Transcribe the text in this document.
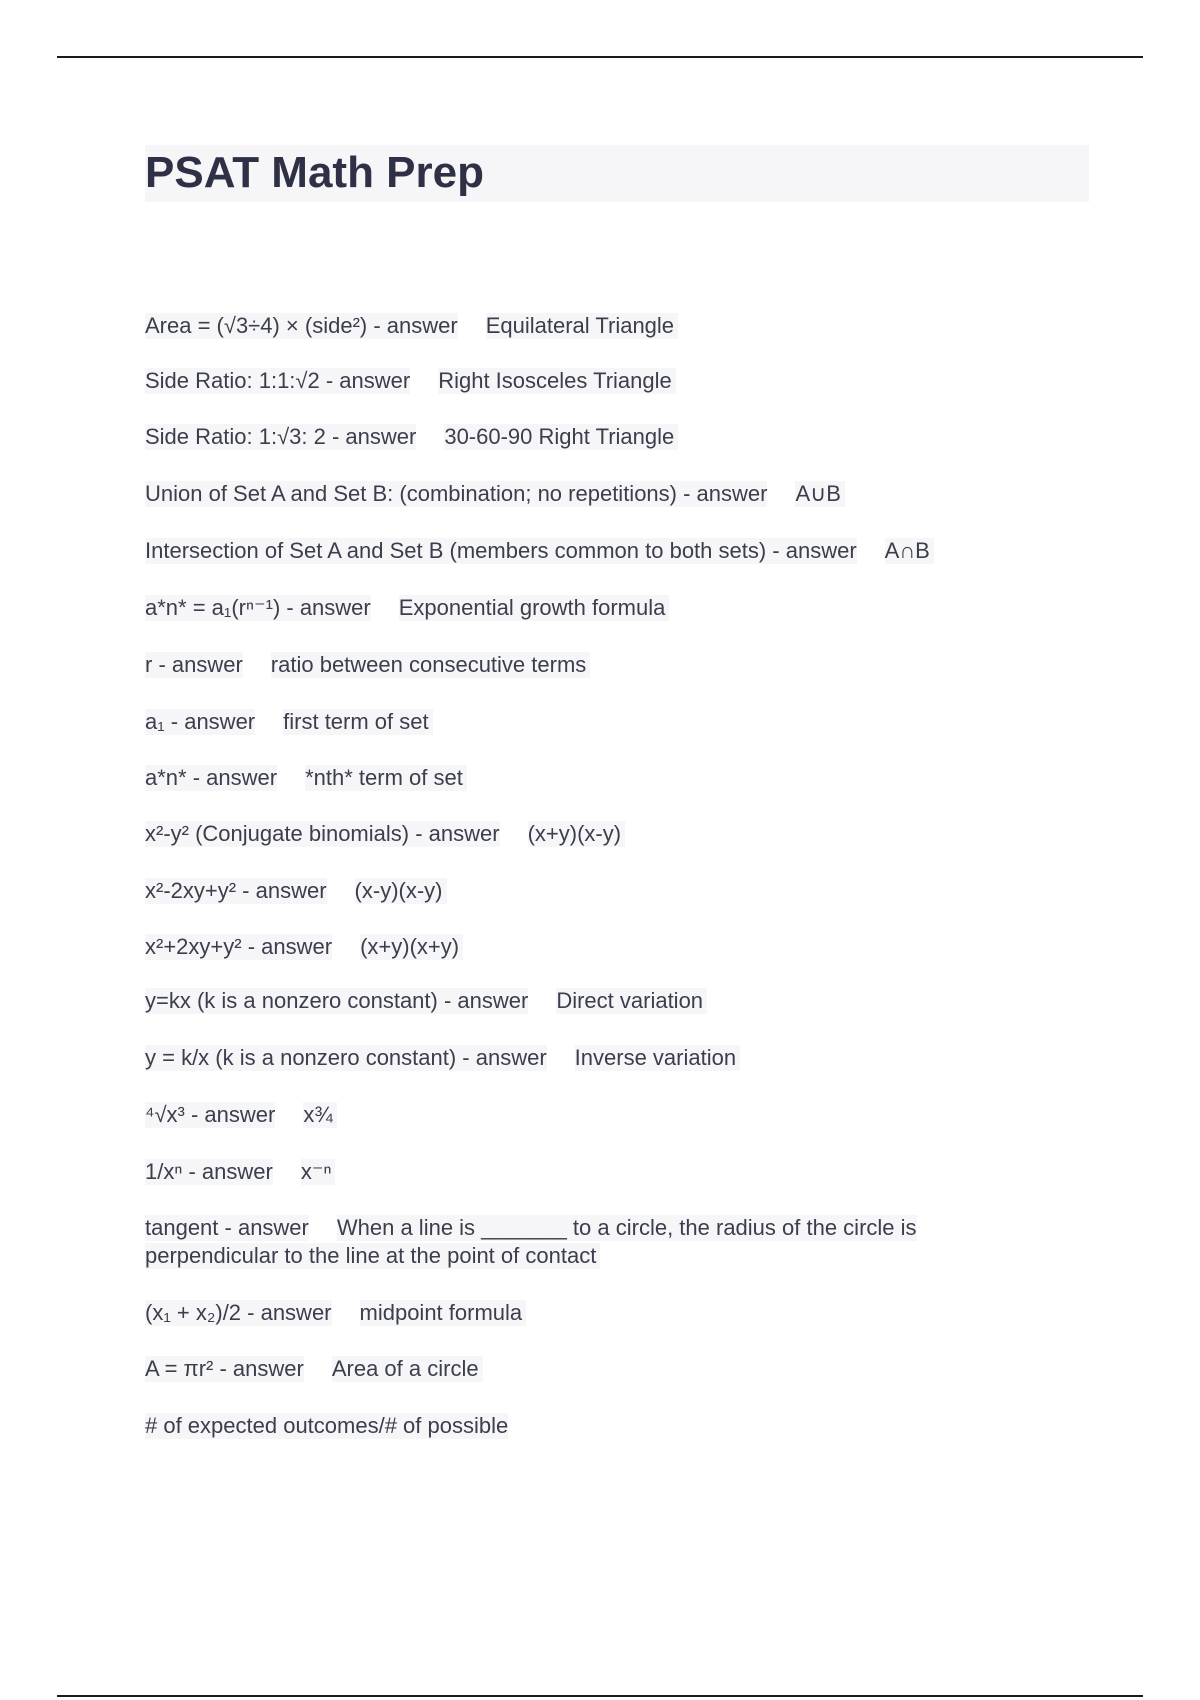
PSAT Math Prep
Area = (√3÷4) × (side²) - answer Equilateral Triangle
Side Ratio: 1:1:√2 - answer Right Isosceles Triangle
Side Ratio: 1:√3: 2 - answer 30-60-90 Right Triangle
Union of Set A and Set B: (combination; no repetitions) - answer A∪B
Intersection of Set A and Set B (members common to both sets) - answer A∩B
a*n* = a₁(rⁿ⁻¹) - answer Exponential growth formula
r - answer ratio between consecutive terms
a₁ - answer first term of set
a*n* - answer *nth* term of set
x²-y² (Conjugate binomials) - answer (x+y)(x-y)
x²-2xy+y² - answer (x-y)(x-y)
x²+2xy+y² - answer (x+y)(x+y)
y=kx (k is a nonzero constant) - answer Direct variation
y = k/x (k is a nonzero constant) - answer Inverse variation
⁴√x³ - answer x¾
1/xⁿ - answer x⁻ⁿ
tangent - answer When a line is _______ to a circle, the radius of the circle is perpendicular to the line at the point of contact
(x₁ + x₂)/2 - answer midpoint formula
A = πr² - answer Area of a circle
# of expected outcomes/# of possible
